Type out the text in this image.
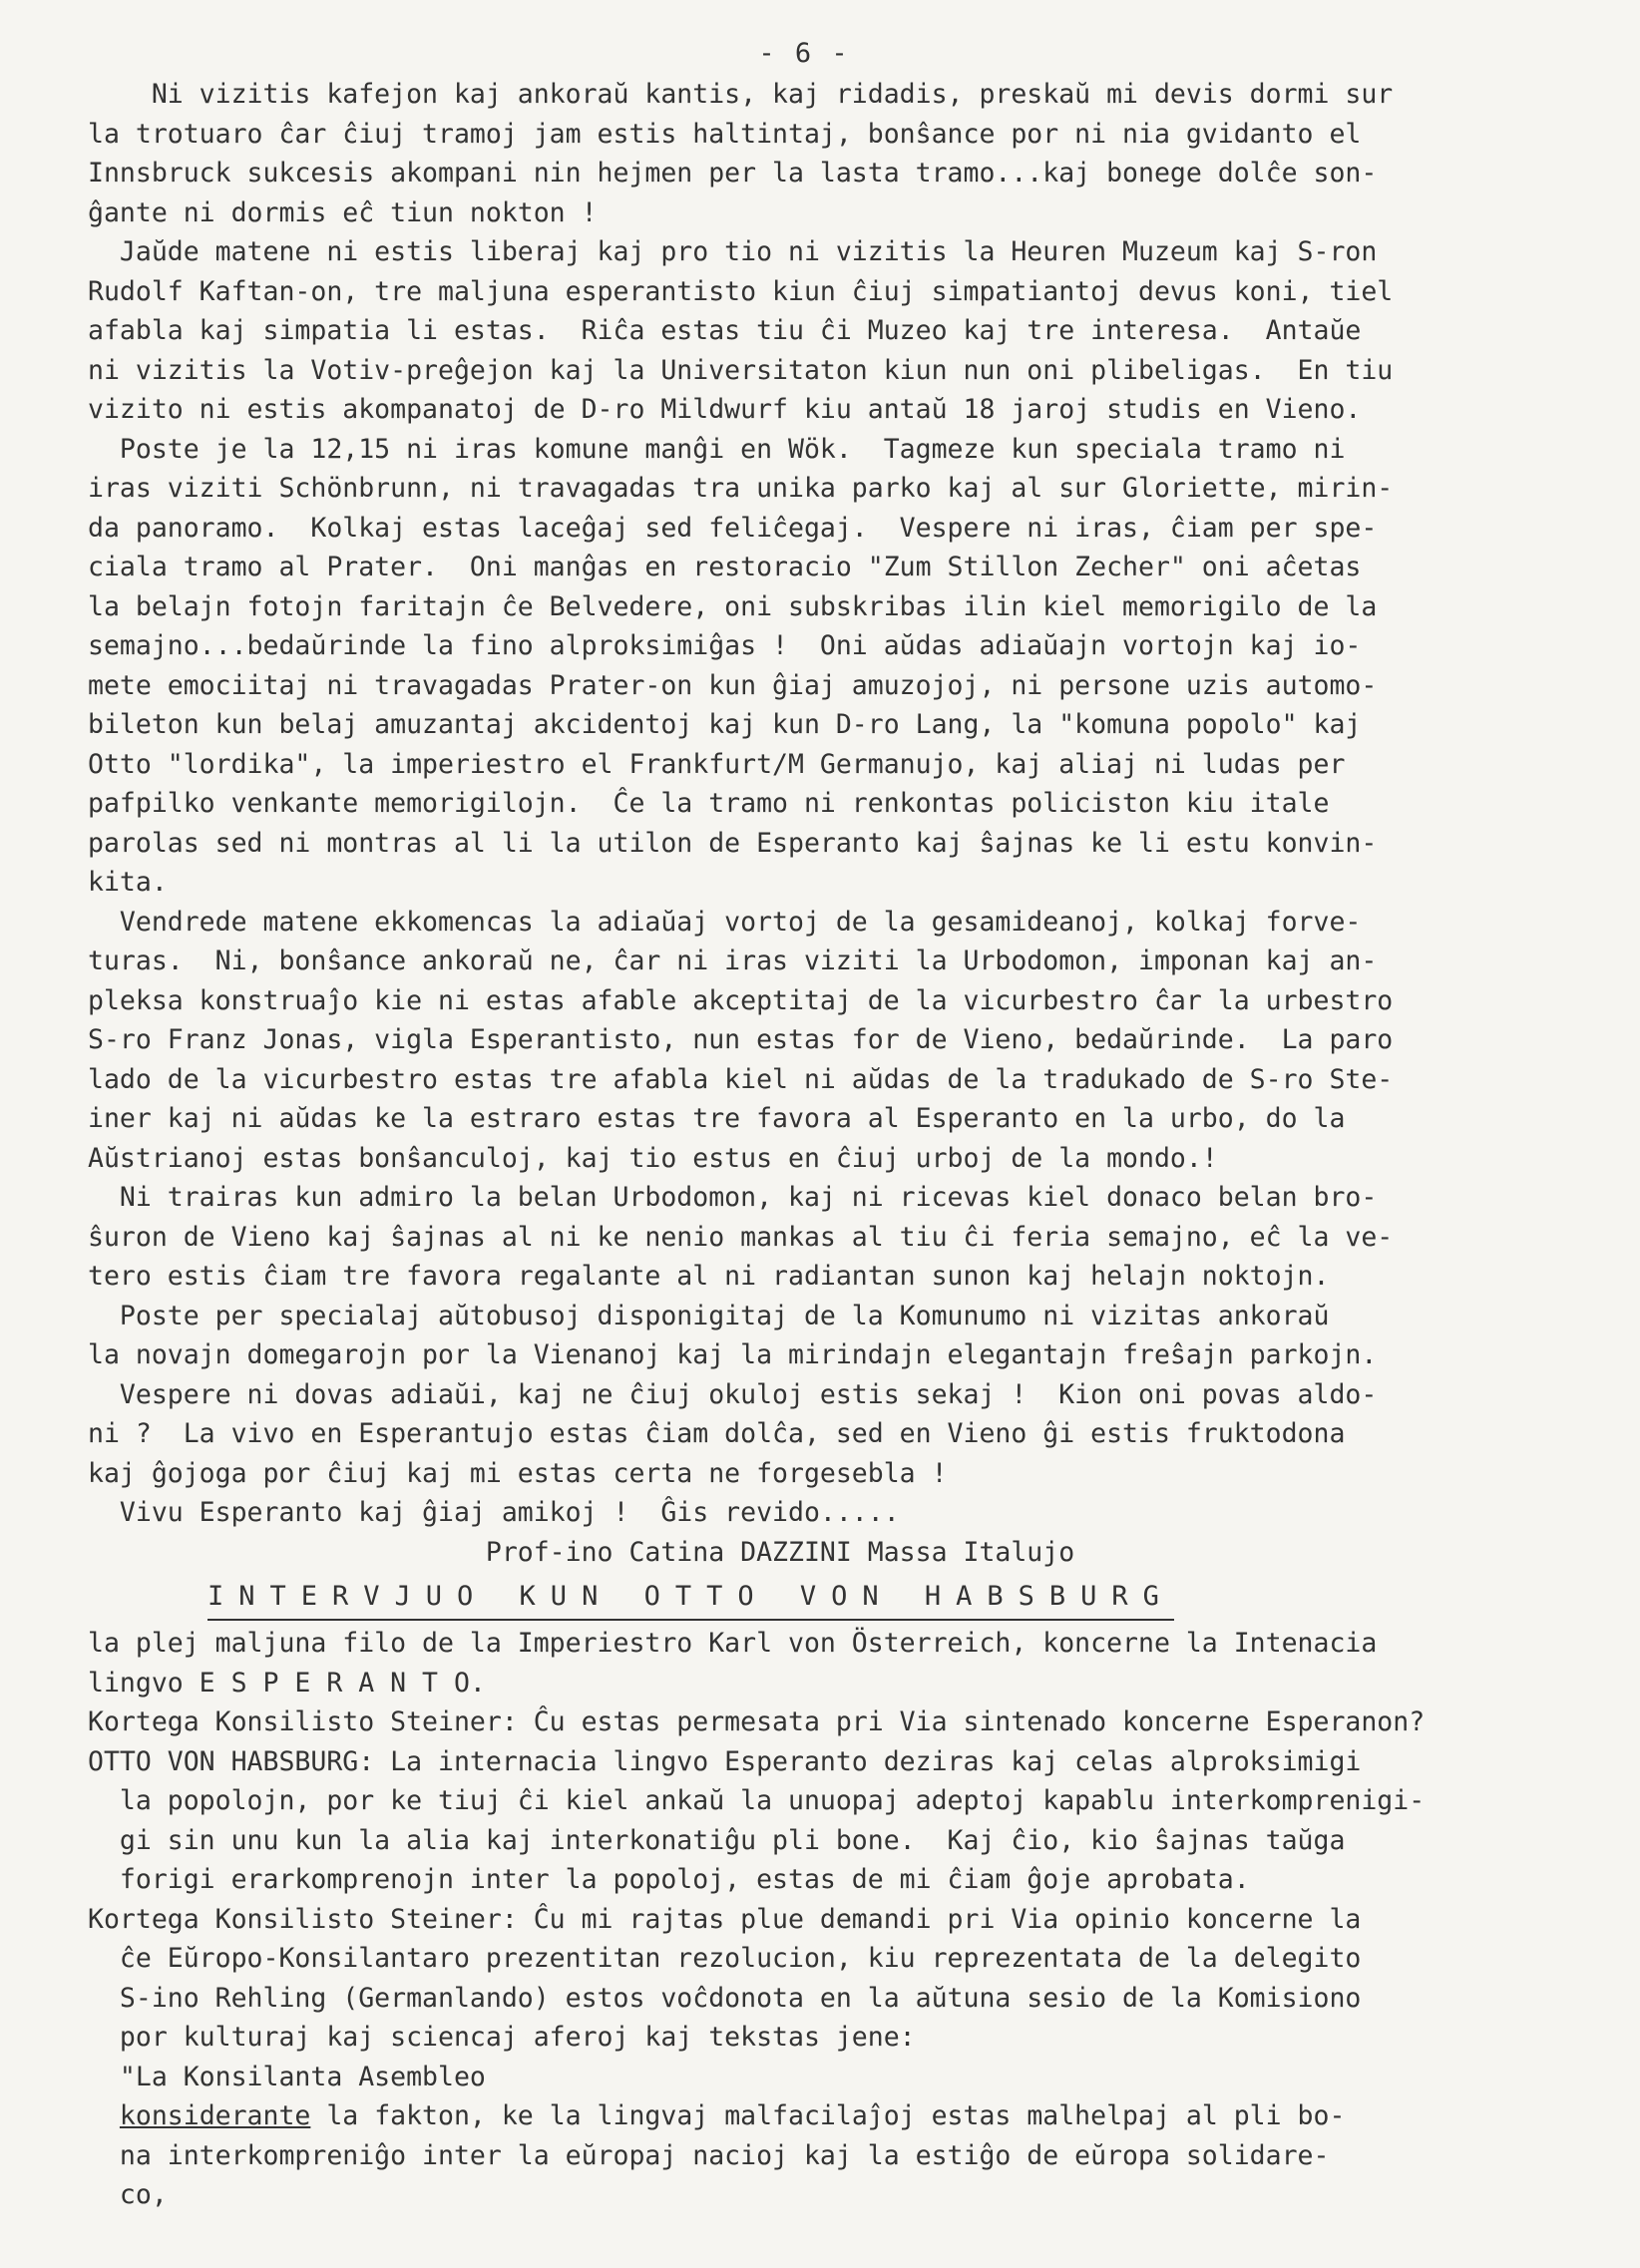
- 6 -
Ni vizitis kafejon kaj ankoraŭ kantis, kaj ridadis, preskaŭ mi devis dormi sur
la trotuaro ĉar ĉiuj tramoj jam estis haltintaj, bonŝance por ni nia gvidanto el
Innsbruck sukcesis akompani nin hejmen per la lasta tramo...kaj bonege dolĉe son-
ĝante ni dormis eĉ tiun nokton !
Jaŭde matene ni estis liberaj kaj pro tio ni vizitis la Heuren Muzeum kaj S-ron
Rudolf Kaftan-on, tre maljuna esperantisto kiun ĉiuj simpatiantoj devus koni, tiel
afabla kaj simpatia li estas.  Riĉa estas tiu ĉi Muzeo kaj tre interesa.  Antaŭe
ni vizitis la Votiv-preĝejon kaj la Universitaton kiun nun oni plibeligas.  En tiu
vizito ni estis akompanatoj de D-ro Mildwurf kiu antaŭ 18 jaroj studis en Vieno.
Poste je la 12,15 ni iras komune manĝi en Wök.  Tagmeze kun speciala tramo ni
iras viziti Schönbrunn, ni travagadas tra unika parko kaj al sur Gloriette, mirin-
da panoramo.  Kolkaj estas laceĝaj sed feliĉegaj.  Vespere ni iras, ĉiam per spe-
ciala tramo al Prater.  Oni manĝas en restoracio "Zum Stillon Zecher" oni aĉetas
la belajn fotojn faritajn ĉe Belvedere, oni subskribas ilin kiel memorigilo de la
semajno...bedaŭrinde la fino alproksimiĝas !  Oni aŭdas adiaŭajn vortojn kaj io-
mete emociitaj ni travagadas Prater-on kun ĝiaj amuzojoj, ni persone uzis automo-
bileton kun belaj amuzantaj akcidentoj kaj kun D-ro Lang, la "komuna popolo" kaj
Otto "lordika", la imperiestro el Frankfurt/M Germanujo, kaj aliaj ni ludas per
pafpilko venkante memorigilojn.  Ĉe la tramo ni renkontas policiston kiu itale
parolas sed ni montras al li la utilon de Esperanto kaj ŝajnas ke li estu konvin-
kita.
Vendrede matene ekkomencas la adiaŭaj vortoj de la gesamideanoj, kolkaj forve-
turas.  Ni, bonŝance ankoraŭ ne, ĉar ni iras viziti la Urbodomon, imponan kaj an-
pleksa konstruaĵo kie ni estas afable akceptitaj de la vicurbestro ĉar la urbestro
S-ro Franz Jonas, vigla Esperantisto, nun estas for de Vieno, bedaŭrinde.  La paro
lado de la vicurbestro estas tre afabla kiel ni aŭdas de la tradukado de S-ro Ste-
iner kaj ni aŭdas ke la estraro estas tre favora al Esperanto en la urbo, do la
Aŭstrianoj estas bonŝanculoj, kaj tio estus en ĉiuj urboj de la mondo.!
Ni trairas kun admiro la belan Urbodomon, kaj ni ricevas kiel donaco belan bro-
ŝuron de Vieno kaj ŝajnas al ni ke nenio mankas al tiu ĉi feria semajno, eĉ la ve-
tero estis ĉiam tre favora regalante al ni radiantan sunon kaj helajn noktojn.
Poste per specialaj aŭtobusoj disponigitaj de la Komunumo ni vizitas ankoraŭ
la novajn domegarojn por la Vienanoj kaj la mirindajn elegantajn freŝajn parkojn.
Vespere ni dovas adiaŭi, kaj ne ĉiuj okuloj estis sekaj !  Kion oni povas aldo-
ni ?  La vivo en Esperantujo estas ĉiam dolĉa, sed en Vieno ĝi estis fruktodona
kaj ĝojoga por ĉiuj kaj mi estas certa ne forgesebla !
Vivu Esperanto kaj ĝiaj amikoj !  Ĝis revido.....
Prof-ino Catina DAZZINI Massa Italujo
INTERVJUO KUN OTTO VON HABSBURG
la plej maljuna filo de la Imperiestro Karl von Österreich, koncerne la Intenacia
lingvo E S P E R A N T O.
Kortega Konsilisto Steiner: Ĉu estas permesata pri Via sintenado koncerne Esperanon?
OTTO VON HABSBURG: La internacia lingvo Esperanto deziras kaj celas alproksimigi
la popolojn, por ke tiuj ĉi kiel ankaŭ la unuopaj adeptoj kapablu interkomprenigi-
gi sin unu kun la alia kaj interkonatiĝu pli bone.  Kaj ĉio, kio ŝajnas taŭga
forigi erarkomprenojn inter la popoloj, estas de mi ĉiam ĝoje aprobata.
Kortega Konsilisto Steiner: Ĉu mi rajtas plue demandi pri Via opinio koncerne la
ĉe Eŭropo-Konsilantaro prezentitan rezolucion, kiu reprezentata de la delegito
S-ino Rehling (Germanlando) estos voĉdonota en la aŭtuna sesio de la Komisiono
por kulturaj kaj sciencaj aferoj kaj tekstas jene:
"La Konsilanta Asembleo
konsiderante la fakton, ke la lingvaj malfacilaĵoj estas malhelpaj al pli bo-
na interkompreniĝo inter la eŭropaj nacioj kaj la estiĝo de eŭropa solidare-
co,
